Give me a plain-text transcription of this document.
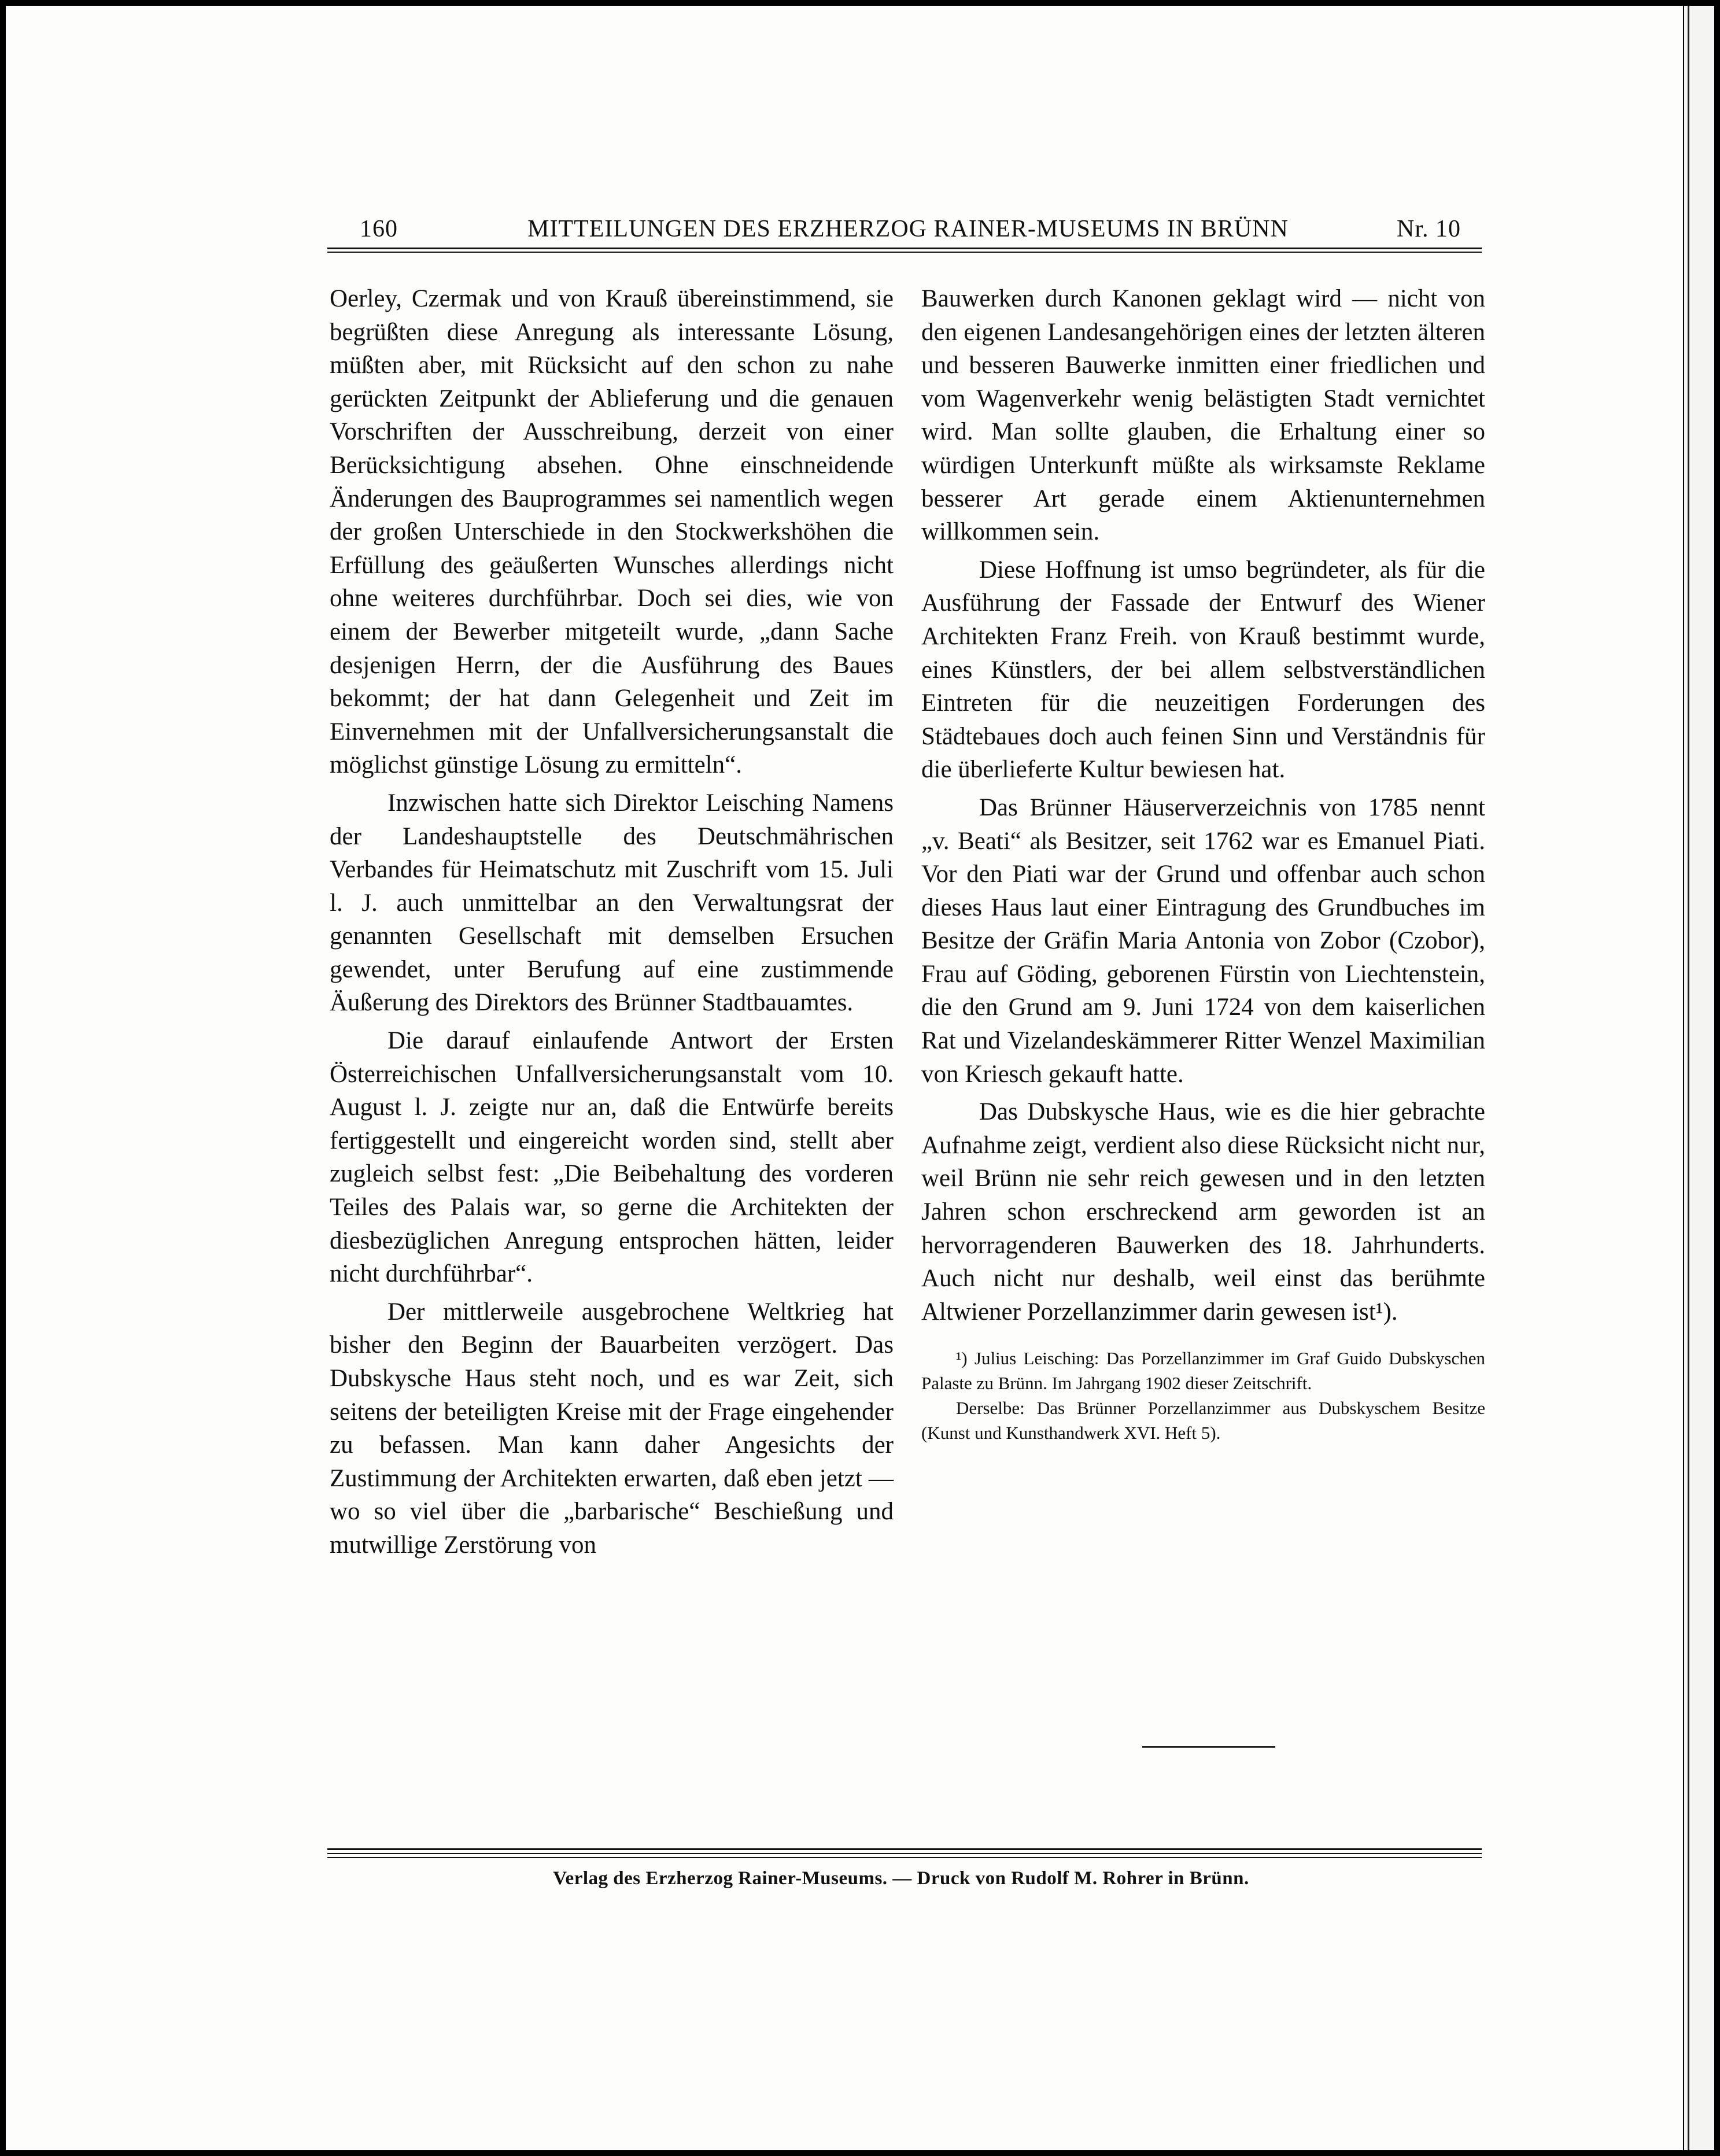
160	MITTEILUNGEN DES ERZHERZOG RAINER-MUSEUMS IN BRÜNN	Nr. 10

Oerley, Czermak und von Krauß übereinstimmend, sie begrüßten diese Anregung als interessante Lösung, müßten aber, mit Rücksicht auf den schon zu nahe gerückten Zeitpunkt der Ablieferung und die genauen Vorschriften der Ausschreibung, derzeit von einer Berücksichtigung absehen. Ohne einschneidende Änderungen des Bauprogrammes sei namentlich wegen der großen Unterschiede in den Stockwerkshöhen die Erfüllung des geäußerten Wunsches allerdings nicht ohne weiteres durchführbar. Doch sei dies, wie von einem der Bewerber mitgeteilt wurde, „dann Sache desjenigen Herrn, der die Ausführung des Baues bekommt; der hat dann Gelegenheit und Zeit im Einvernehmen mit der Unfallversicherungsanstalt die möglichst günstige Lösung zu ermitteln“.

Inzwischen hatte sich Direktor Leisching Namens der Landeshauptstelle des Deutschmährischen Verbandes für Heimatschutz mit Zuschrift vom 15. Juli l. J. auch unmittelbar an den Verwaltungsrat der genannten Gesellschaft mit demselben Ersuchen gewendet, unter Berufung auf eine zustimmende Äußerung des Direktors des Brünner Stadtbauamtes.

Die darauf einlaufende Antwort der Ersten Österreichischen Unfallversicherungsanstalt vom 10. August l. J. zeigte nur an, daß die Entwürfe bereits fertiggestellt und eingereicht worden sind, stellt aber zugleich selbst fest: „Die Beibehaltung des vorderen Teiles des Palais war, so gerne die Architekten der diesbezüglichen Anregung entsprochen hätten, leider nicht durchführbar“.

Der mittlerweile ausgebrochene Weltkrieg hat bisher den Beginn der Bauarbeiten verzögert. Das Dubskysche Haus steht noch, und es war Zeit, sich seitens der beteiligten Kreise mit der Frage eingehender zu befassen. Man kann daher Angesichts der Zustimmung der Architekten erwarten, daß eben jetzt — wo so viel über die „barbarische“ Beschießung und mutwillige Zerstörung von

Bauwerken durch Kanonen geklagt wird — nicht von den eigenen Landesangehörigen eines der letzten älteren und besseren Bauwerke inmitten einer friedlichen und vom Wagenverkehr wenig belästigten Stadt vernichtet wird. Man sollte glauben, die Erhaltung einer so würdigen Unterkunft müßte als wirksamste Reklame besserer Art gerade einem Aktienunternehmen willkommen sein.

Diese Hoffnung ist umso begründeter, als für die Ausführung der Fassade der Entwurf des Wiener Architekten Franz Freih. von Krauß bestimmt wurde, eines Künstlers, der bei allem selbstverständlichen Eintreten für die neuzeitigen Forderungen des Städtebaues doch auch feinen Sinn und Verständnis für die überlieferte Kultur bewiesen hat.

Das Brünner Häuserverzeichnis von 1785 nennt „v. Beati“ als Besitzer, seit 1762 war es Emanuel Piati. Vor den Piati war der Grund und offenbar auch schon dieses Haus laut einer Eintragung des Grundbuches im Besitze der Gräfin Maria Antonia von Zobor (Czobor), Frau auf Göding, geborenen Fürstin von Liechtenstein, die den Grund am 9. Juni 1724 von dem kaiserlichen Rat und Vizelandeskämmerer Ritter Wenzel Maximilian von Kriesch gekauft hatte.

Das Dubskysche Haus, wie es die hier gebrachte Aufnahme zeigt, verdient also diese Rücksicht nicht nur, weil Brünn nie sehr reich gewesen und in den letzten Jahren schon erschreckend arm geworden ist an hervorragenderen Bauwerken des 18. Jahrhunderts. Auch nicht nur deshalb, weil einst das berühmte Altwiener Porzellanzimmer darin gewesen ist¹).

¹) Julius Leisching: Das Porzellanzimmer im Graf Guido Dubskyschen Palaste zu Brünn. Im Jahrgang 1902 dieser Zeitschrift.

Derselbe: Das Brünner Porzellanzimmer aus Dubskyschem Besitze (Kunst und Kunsthandwerk XVI. Heft 5).

Verlag des Erzherzog Rainer-Museums. — Druck von Rudolf M. Rohrer in Brünn.
